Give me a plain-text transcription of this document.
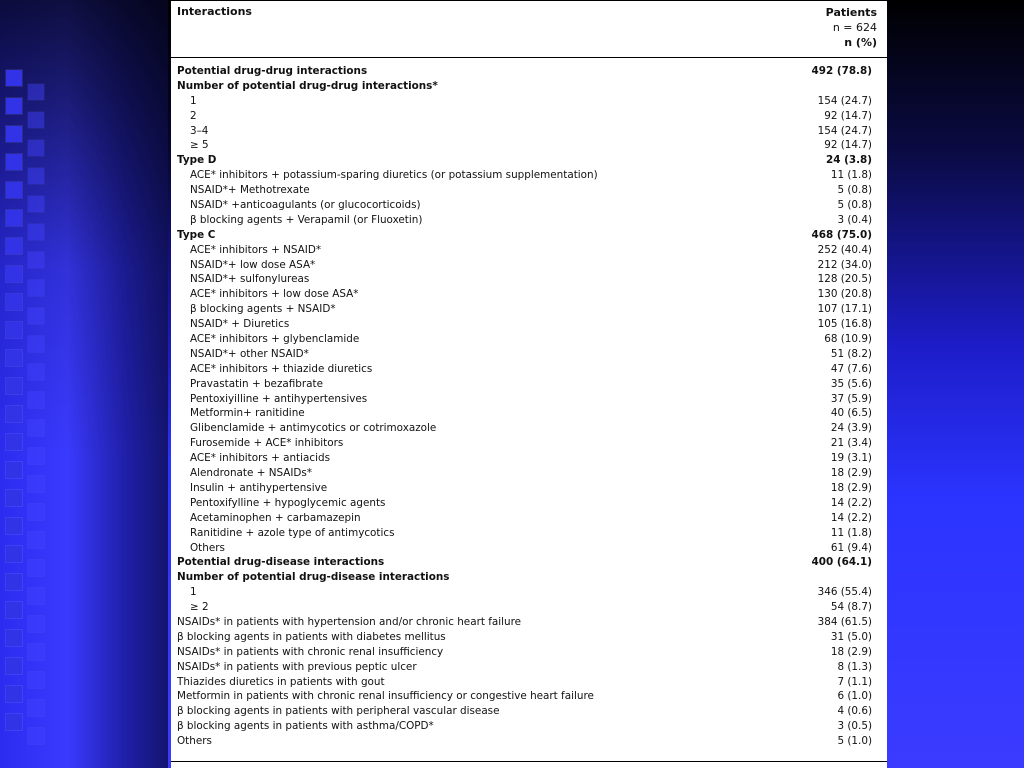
Interactions	Patients
n = 624
n (%)
Potential drug-drug interactions	492 (78.8)
Number of potential drug-drug interactions*
1	154 (24.7)
2	92 (14.7)
3–4	154 (24.7)
≥ 5	92 (14.7)
Type D	24 (3.8)
ACE* inhibitors + potassium-sparing diuretics (or potassium supplementation)	11 (1.8)
NSAID*+ Methotrexate	5 (0.8)
NSAID* +anticoagulants (or glucocorticoids)	5 (0.8)
β blocking agents + Verapamil (or Fluoxetin)	3 (0.4)
Type C	468 (75.0)
ACE* inhibitors + NSAID*	252 (40.4)
NSAID*+ low dose ASA*	212 (34.0)
NSAID*+ sulfonylureas	128 (20.5)
ACE* inhibitors + low dose ASA*	130 (20.8)
β blocking agents + NSAID*	107 (17.1)
NSAID* + Diuretics	105 (16.8)
ACE* inhibitors + glybenclamide	68 (10.9)
NSAID*+ other NSAID*	51 (8.2)
ACE* inhibitors + thiazide diuretics	47 (7.6)
Pravastatin + bezafibrate	35 (5.6)
Pentoxiyilline + antihypertensives	37 (5.9)
Metformin+ ranitidine	40 (6.5)
Glibenclamide + antimycotics or cotrimoxazole	24 (3.9)
Furosemide + ACE* inhibitors	21 (3.4)
ACE* inhibitors + antiacids	19 (3.1)
Alendronate + NSAIDs*	18 (2.9)
Insulin + antihypertensive	18 (2.9)
Pentoxifylline + hypoglycemic agents	14 (2.2)
Acetaminophen + carbamazepin	14 (2.2)
Ranitidine + azole type of antimycotics	11 (1.8)
Others	61 (9.4)
Potential drug-disease interactions	400 (64.1)
Number of potential drug-disease interactions
1	346 (55.4)
≥ 2	54 (8.7)
NSAIDs* in patients with hypertension and/or chronic heart failure	384 (61.5)
β blocking agents in patients with diabetes mellitus	31 (5.0)
NSAIDs* in patients with chronic renal insufficiency	18 (2.9)
NSAIDs* in patients with previous peptic ulcer	8 (1.3)
Thiazides diuretics in patients with gout	7 (1.1)
Metformin in patients with chronic renal insufficiency or congestive heart failure	6 (1.0)
β blocking agents in patients with peripheral vascular disease	4 (0.6)
β blocking agents in patients with asthma/COPD*	3 (0.5)
Others	5 (1.0)
